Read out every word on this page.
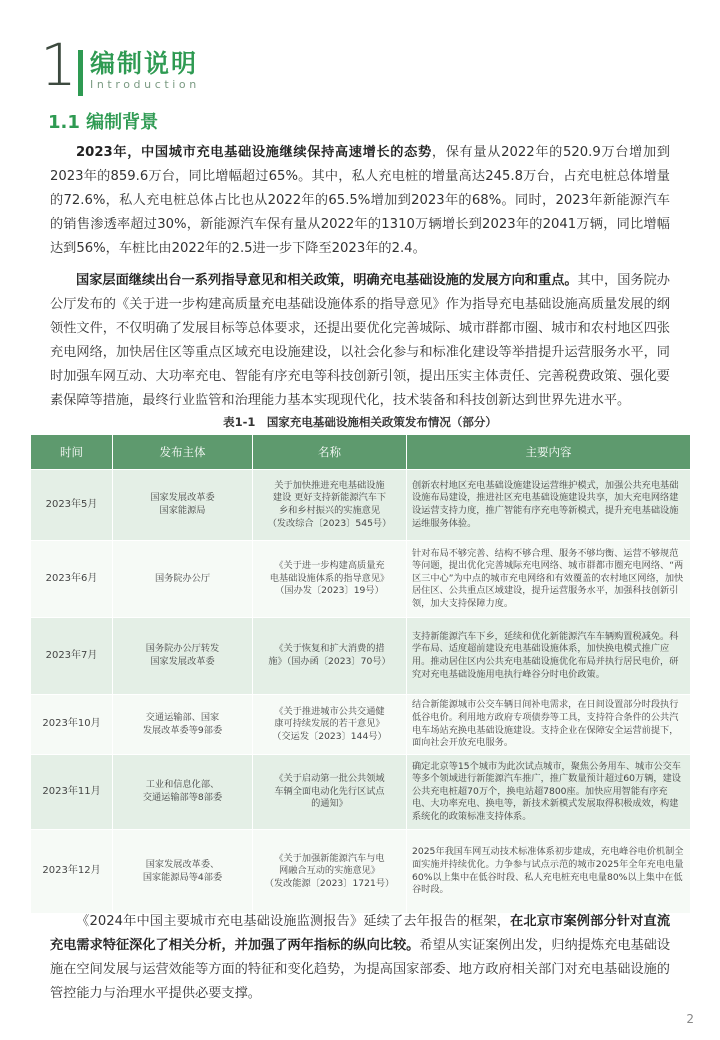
1 编制说明
Introduction
1.1 编制背景

2023年，中国城市充电基础设施继续保持高速增长的态势，保有量从2022年的520.9万台增加到2023年的859.6万台，同比增幅超过65%。其中，私人充电桩的增量高达245.8万台，占充电桩总体增量的72.6%，私人充电桩总体占比也从2022年的65.5%增加到2023年的68%。同时，2023年新能源汽车的销售渗透率超过30%，新能源汽车保有量从2022年的1310万辆增长到2023年的2041万辆，同比增幅达到56%，车桩比由2022年的2.5进一步下降至2023年的2.4。

国家层面继续出台一系列指导意见和相关政策，明确充电基础设施的发展方向和重点。其中，国务院办公厅发布的《关于进一步构建高质量充电基础设施体系的指导意见》作为指导充电基础设施高质量发展的纲领性文件，不仅明确了发展目标等总体要求，还提出要优化完善城际、城市群都市圈、城市和农村地区四张充电网络，加快居住区等重点区域充电设施建设，以社会化参与和标准化建设等举措提升运营服务水平，同时加强车网互动、大功率充电、智能有序充电等科技创新引领，提出压实主体责任、完善税费政策、强化要素保障等措施，最终行业监管和治理能力基本实现现代化，技术装备和科技创新达到世界先进水平。

表1-1　国家充电基础设施相关政策发布情况（部分）
时间	发布主体	名称	主要内容
2023年5月	国家发展改革委
国家能源局	关于加快推进充电基础设施
建设 更好支持新能源汽车下
乡和乡村振兴的实施意见
（发改综合〔2023〕545号）	创新农村地区充电基础设施建设运营维护模式，加强公共充电基础设施布局建设，推进社区充电基础设施建设共享，加大充电网络建设运营支持力度，推广智能有序充电等新模式，提升充电基础设施运维服务体验。
2023年6月	国务院办公厅	《关于进一步构建高质量充
电基础设施体系的指导意见》
（国办发〔2023〕19号）	针对布局不够完善、结构不够合理、服务不够均衡、运营不够规范等问题，提出优化完善城际充电网络、城市群都市圈充电网络、“两区三中心”为中点的城市充电网络和有效覆盖的农村地区网络，加快居住区、公共重点区域建设，提升运营服务水平，加强科技创新引领，加大支持保障力度。
2023年7月	国务院办公厅转发
国家发展改革委	《关于恢复和扩大消费的措
施》（国办函〔2023〕70号）	支持新能源汽车下乡，延续和优化新能源汽车车辆购置税减免。科学布局、适度超前建设充电基础设施体系，加快换电模式推广应用。推动居住区内公共充电基础设施优化布局并执行居民电价，研究对充电基础设施用电执行峰谷分时电价政策。
2023年10月	交通运输部、国家
发展改革委等9部委	《关于推进城市公共交通健
康可持续发展的若干意见》
（交运发〔2023〕144号）	结合新能源城市公交车辆日间补电需求，在日间设置部分时段执行低谷电价。利用地方政府专项债券等工具，支持符合条件的公共汽电车场站充换电基础设施建设。支持企业在保障安全运营前提下，面向社会开放充电服务。
2023年11月	工业和信息化部、
交通运输部等8部委	《关于启动第一批公共领域
车辆全面电动化先行区试点
的通知》	确定北京等15个城市为此次试点城市，聚焦公务用车、城市公交车等多个领域进行新能源汽车推广，推广数量预计超过60万辆，建设公共充电桩超70万个，换电站超7800座。加快应用智能有序充电、大功率充电、换电等，新技术新模式发展取得积极成效，构建系统化的政策标准支持体系。
2023年12月	国家发展改革委、
国家能源局等4部委	《关于加强新能源汽车与电
网融合互动的实施意见》
（发改能源〔2023〕1721号）	2025年我国车网互动技术标准体系初步建成，充电峰谷电价机制全面实施并持续优化。力争参与试点示范的城市2025年全年充电电量60%以上集中在低谷时段、私人充电桩充电电量80%以上集中在低谷时段。

《2024年中国主要城市充电基础设施监测报告》延续了去年报告的框架，在北京市案例部分针对直流充电需求特征深化了相关分析，并加强了两年指标的纵向比较。希望从实证案例出发，归纳提炼充电基础设施在空间发展与运营效能等方面的特征和变化趋势，为提高国家部委、地方政府相关部门对充电基础设施的管控能力与治理水平提供必要支撑。

2
